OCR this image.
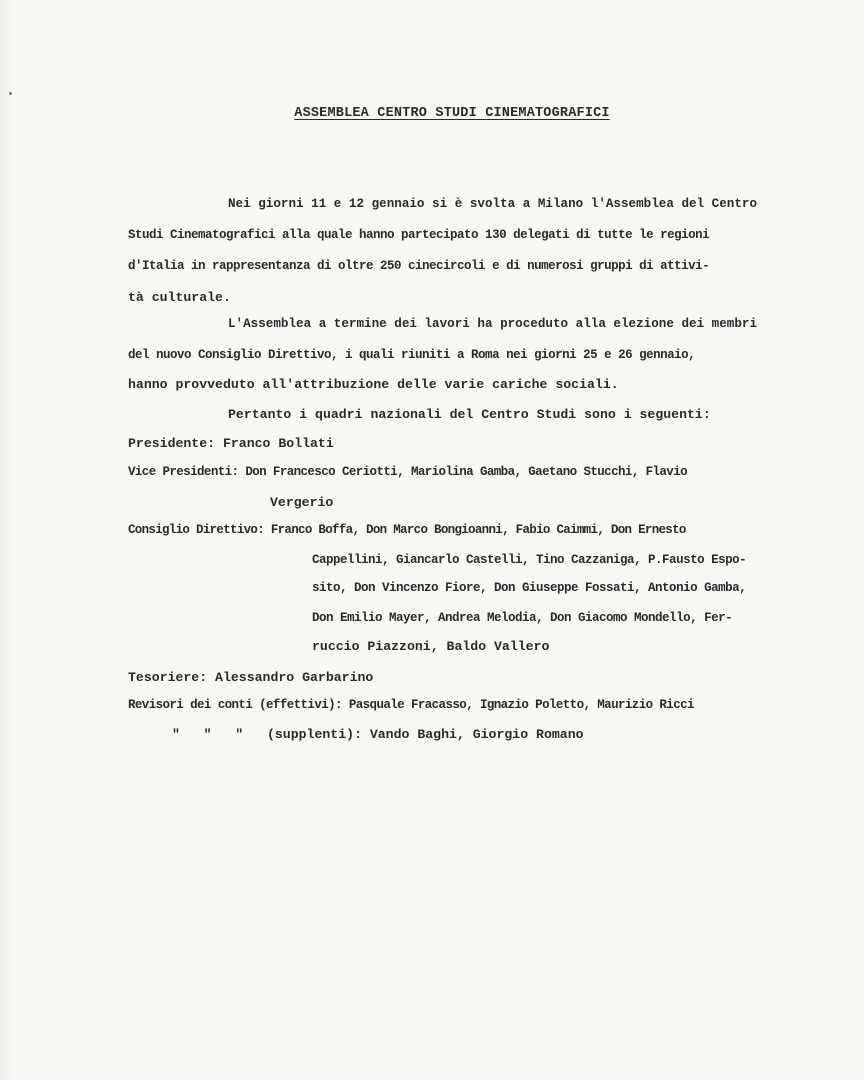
ASSEMBLEA CENTRO STUDI CINEMATOGRAFICI
Nei giorni 11 e 12 gennaio si è svolta a Milano l'Assemblea del Centro
Studi Cinematografici alla quale hanno partecipato 130 delegati di tutte le regioni
d'Italia in rappresentanza di oltre 250 cinecircoli e di numerosi gruppi di attivi-
tà culturale.
L'Assemblea a termine dei lavori ha proceduto alla elezione dei membri
del nuovo Consiglio Direttivo, i quali riuniti a Roma nei giorni 25 e 26 gennaio,
hanno provveduto all'attribuzione delle varie cariche sociali.
Pertanto i quadri nazionali del Centro Studi sono i seguenti:
Presidente: Franco Bollati
Vice Presidenti: Don Francesco Ceriotti, Mariolina Gamba, Gaetano Stucchi, Flavio
Vergerio
Consiglio Direttivo: Franco Boffa, Don Marco Bongioanni, Fabio Caimmi, Don Ernesto
Cappellini, Giancarlo Castelli, Tino Cazzaniga, P.Fausto Espo-
sito, Don Vincenzo Fiore, Don Giuseppe Fossati, Antonio Gamba,
Don Emilio Mayer, Andrea Melodia, Don Giacomo Mondello, Fer-
ruccio Piazzoni, Baldo Vallero
Tesoriere: Alessandro Garbarino
Revisori dei conti (effettivi): Pasquale Fracasso, Ignazio Poletto, Maurizio Ricci
"   "   "   (supplenti): Vando Baghi, Giorgio Romano
